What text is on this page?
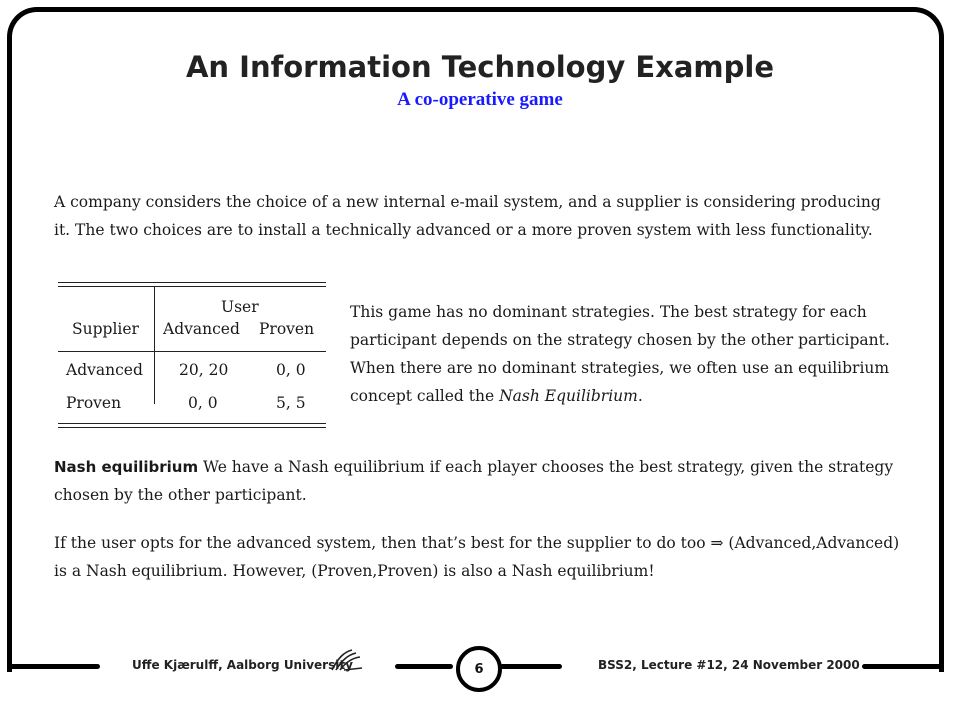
An Information Technology Example
A co-operative game
A company considers the choice of a new internal e-mail system, and a supplier is considering producing
it. The two choices are to install a technically advanced or a more proven system with less functionality.
User
Supplier Advanced Proven
Advanced 20, 20	0, 0
Proven	0, 0	5, 5
This game has no dominant strategies. The best strategy for each
participant depends on the strategy chosen by the other participant.
When there are no dominant strategies, we often use an equilibrium
concept called the Nash Equilibrium.
Nash equilibrium We have a Nash equilibrium if each player chooses the best strategy, given the strategy
chosen by the other participant.
If the user opts for the advanced system, then that’s best for the supplier to do too ⇒ (Advanced,Advanced)
is a Nash equilibrium. However, (Proven,Proven) is also a Nash equilibrium!
Uffe Kjærulff, Aalborg University	6	BSS2, Lecture #12, 24 November 2000
